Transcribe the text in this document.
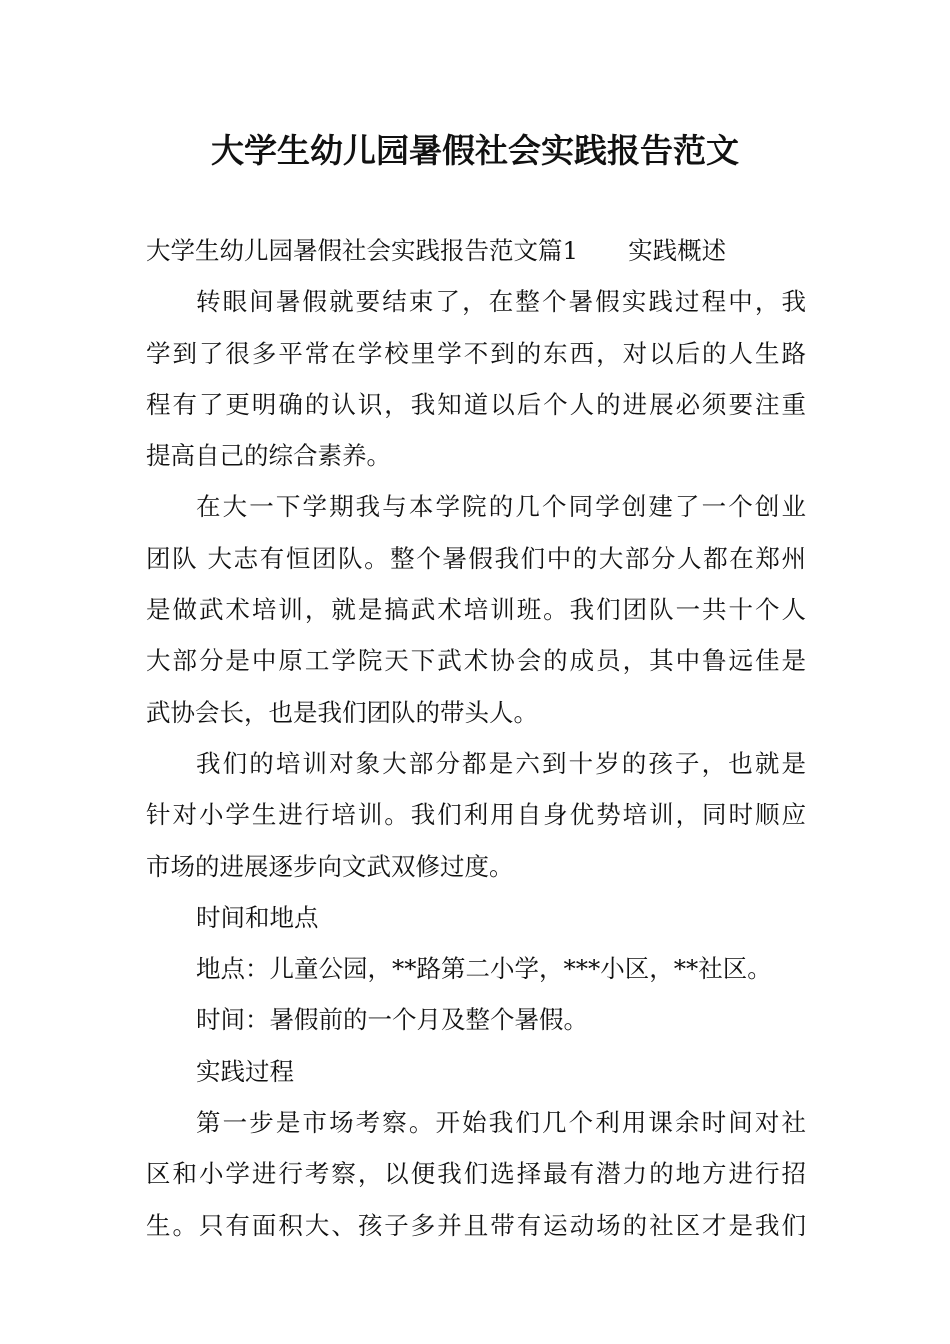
大学生幼儿园暑假社会实践报告范文
大学生幼儿园暑假社会实践报告范文篇1 实践概述
转眼间暑假就要结束了，在整个暑假实践过程中，我
学到了很多平常在学校里学不到的东西，对以后的人生路
程有了更明确的认识，我知道以后个人的进展必须要注重
提高自己的综合素养。
在大一下学期我与本学院的几个同学创建了一个创业
团队 大志有恒团队。整个暑假我们中的大部分人都在郑州
是做武术培训，就是搞武术培训班。我们团队一共十个人
大部分是中原工学院天下武术协会的成员，其中鲁远佳是
武协会长，也是我们团队的带头人。
我们的培训对象大部分都是六到十岁的孩子，也就是
针对小学生进行培训。我们利用自身优势培训，同时顺应
市场的进展逐步向文武双修过度。
时间和地点
地点：儿童公园，**路第二小学，***小区，**社区。
时间：暑假前的一个月及整个暑假。
实践过程
第一步是市场考察。开始我们几个利用课余时间对社
区和小学进行考察，以便我们选择最有潜力的地方进行招
生。只有面积大、孩子多并且带有运动场的社区才是我们
